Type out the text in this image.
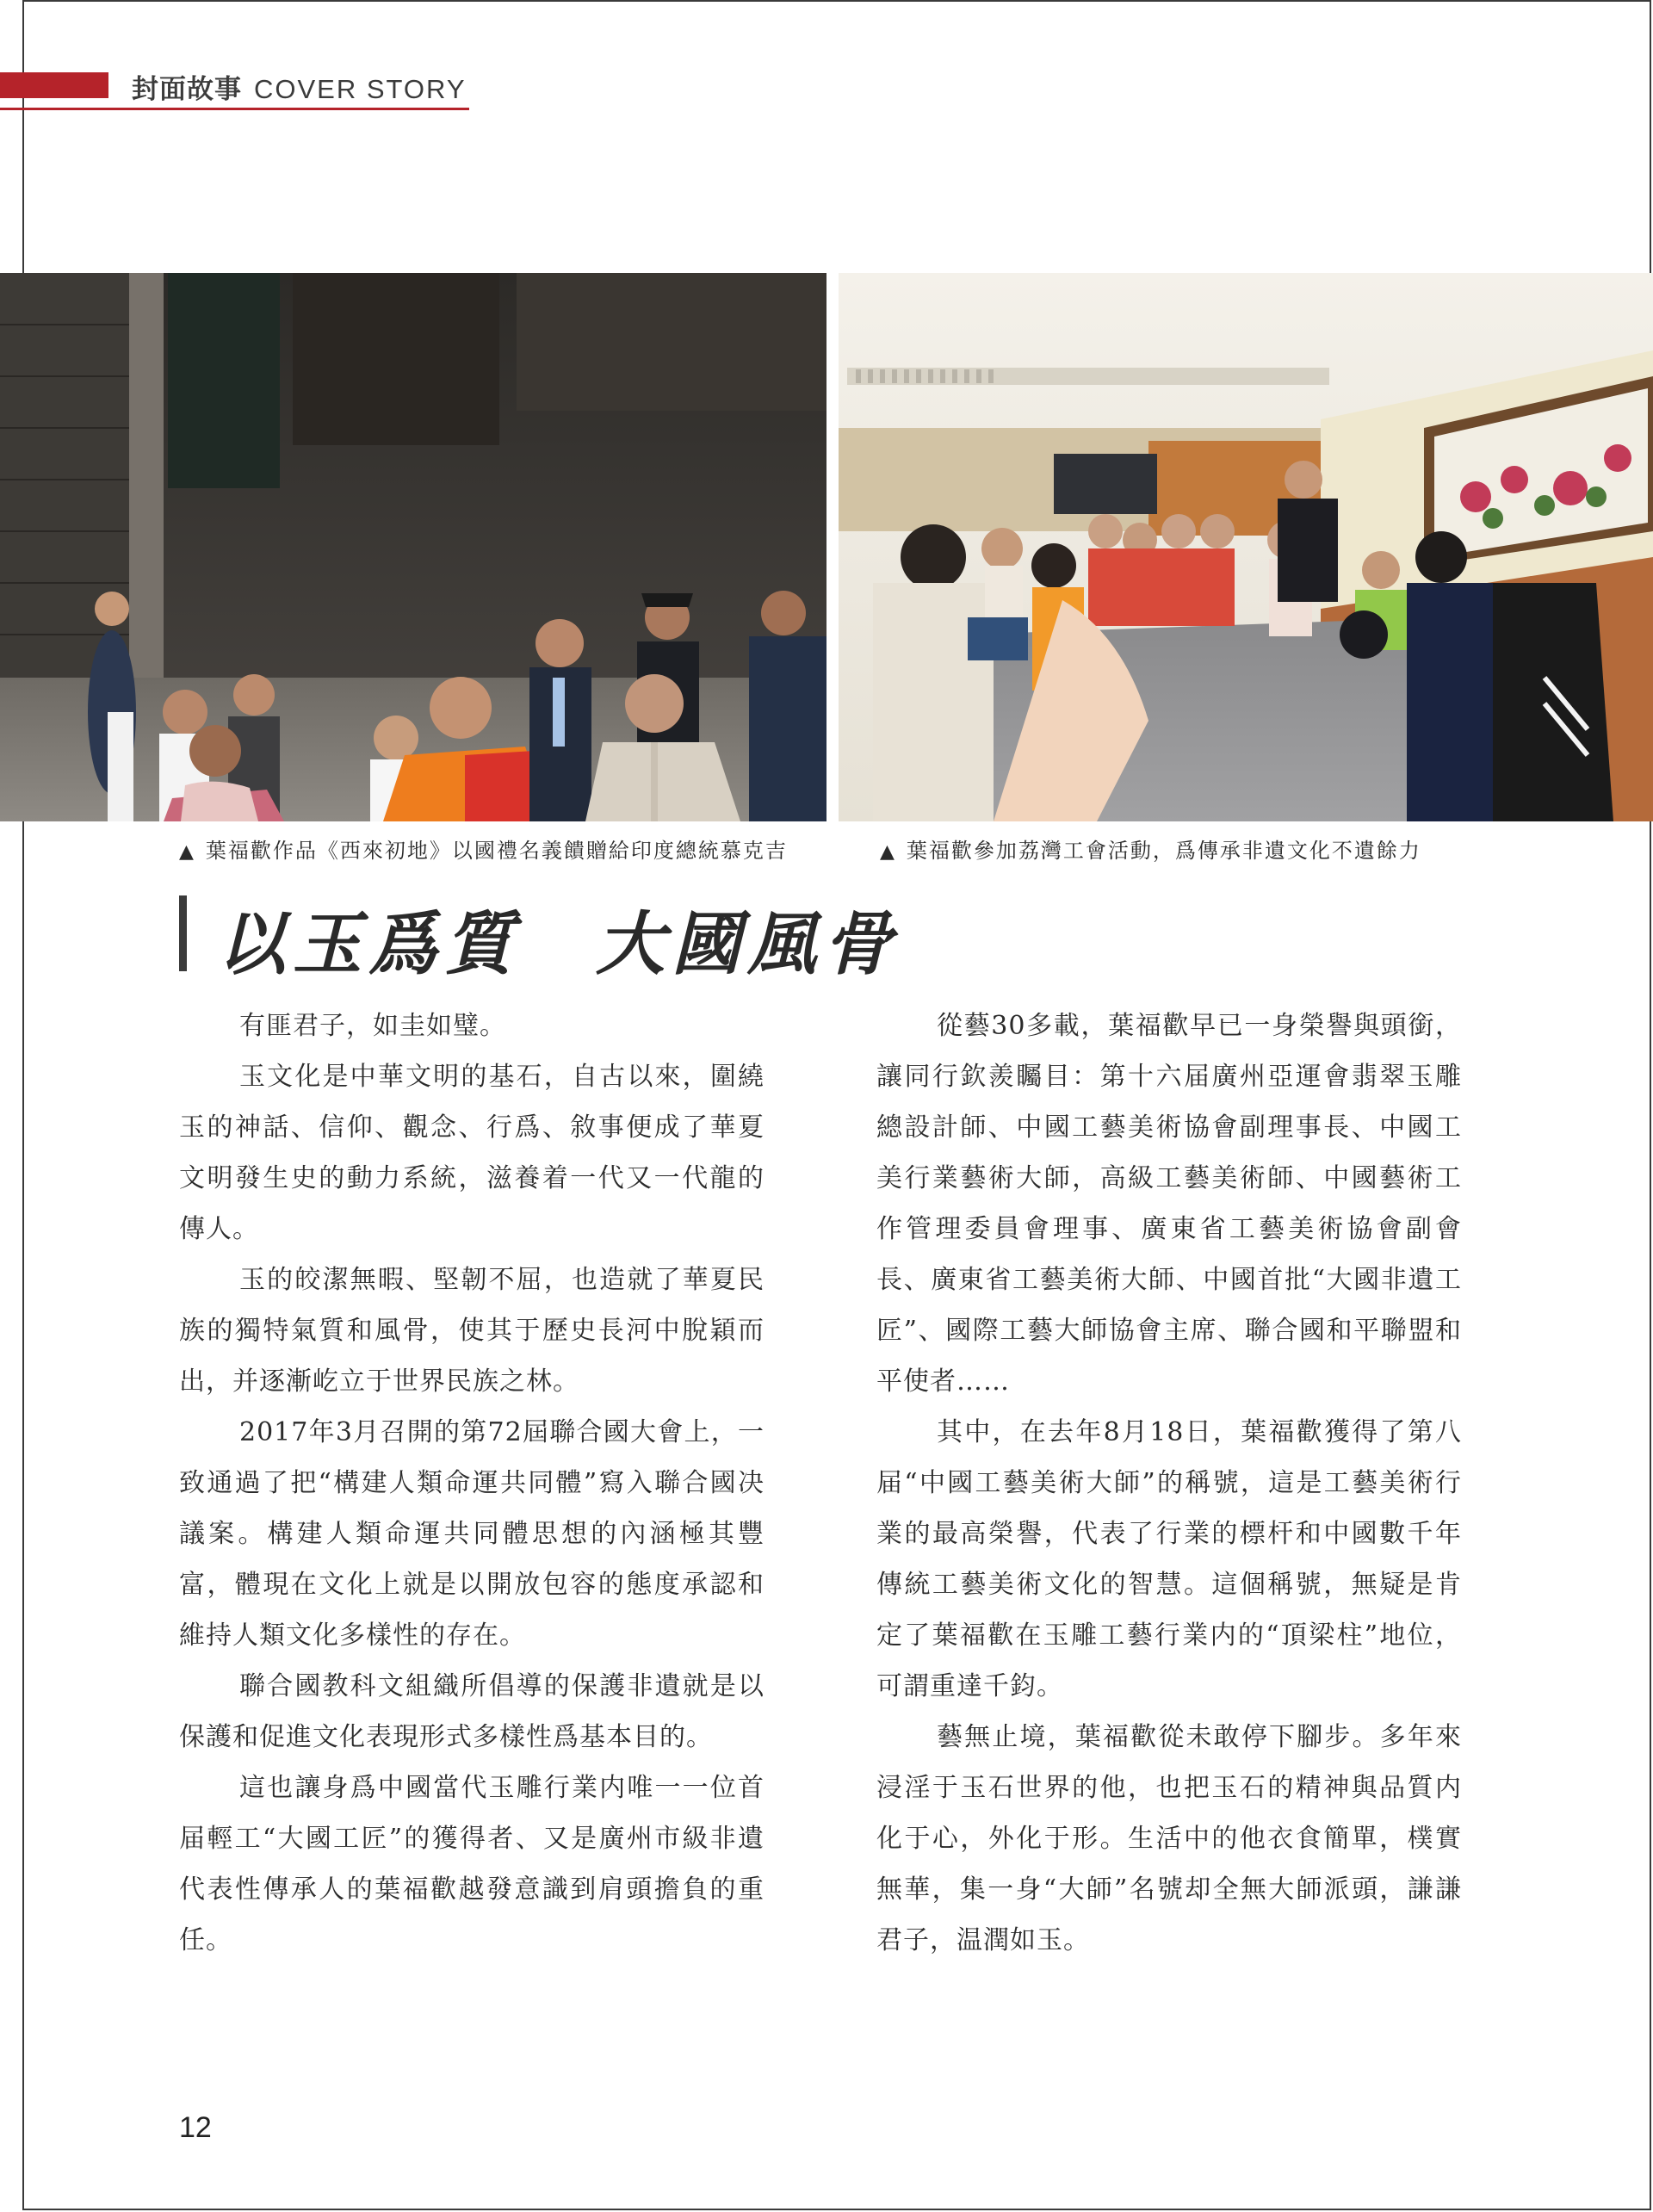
封面故事 COVER STORY
▲ 葉福歡作品《西來初地》以國禮名義饋贈給印度總統慕克吉	▲ 葉福歡參加荔灣工會活動，爲傳承非遺文化不遺餘力
以玉爲質　大國風骨

有匪君子，如圭如璧。

玉文化是中華文明的基石，自古以來，圍繞玉的神話、信仰、觀念、行爲、敘事便成了華夏文明發生史的動力系統，滋養着一代又一代龍的傳人。

玉的皎潔無暇、堅韌不屈，也造就了華夏民族的獨特氣質和風骨，使其于歷史長河中脫穎而出，并逐漸屹立于世界民族之林。

2017年3月召開的第72屆聯合國大會上，一致通過了把“構建人類命運共同體”寫入聯合國决議案。構建人類命運共同體思想的內涵極其豐富，體現在文化上就是以開放包容的態度承認和維持人類文化多樣性的存在。

聯合國教科文組織所倡導的保護非遺就是以保護和促進文化表現形式多樣性爲基本目的。

這也讓身爲中國當代玉雕行業内唯一一位首届輕工“大國工匠”的獲得者、又是廣州市級非遺代表性傳承人的葉福歡越發意識到肩頭擔負的重任。

從藝30多載，葉福歡早已一身榮譽與頭銜，讓同行欽羨矚目：第十六届廣州亞運會翡翠玉雕總設計師、中國工藝美術協會副理事長、中國工美行業藝術大師，高級工藝美術師、中國藝術工作管理委員會理事、廣東省工藝美術協會副會長、廣東省工藝美術大師、中國首批“大國非遺工匠”、國際工藝大師協會主席、聯合國和平聯盟和平使者……

其中，在去年8月18日，葉福歡獲得了第八届“中國工藝美術大師”的稱號，這是工藝美術行業的最高榮譽，代表了行業的標杆和中國數千年傳統工藝美術文化的智慧。這個稱號，無疑是肯定了葉福歡在玉雕工藝行業内的“頂梁柱”地位，可謂重達千鈞。

藝無止境，葉福歡從未敢停下腳步。多年來浸淫于玉石世界的他，也把玉石的精神與品質内化于心，外化于形。生活中的他衣食簡單，樸實無華，集一身“大師”名號却全無大師派頭，謙謙君子，温潤如玉。

12
